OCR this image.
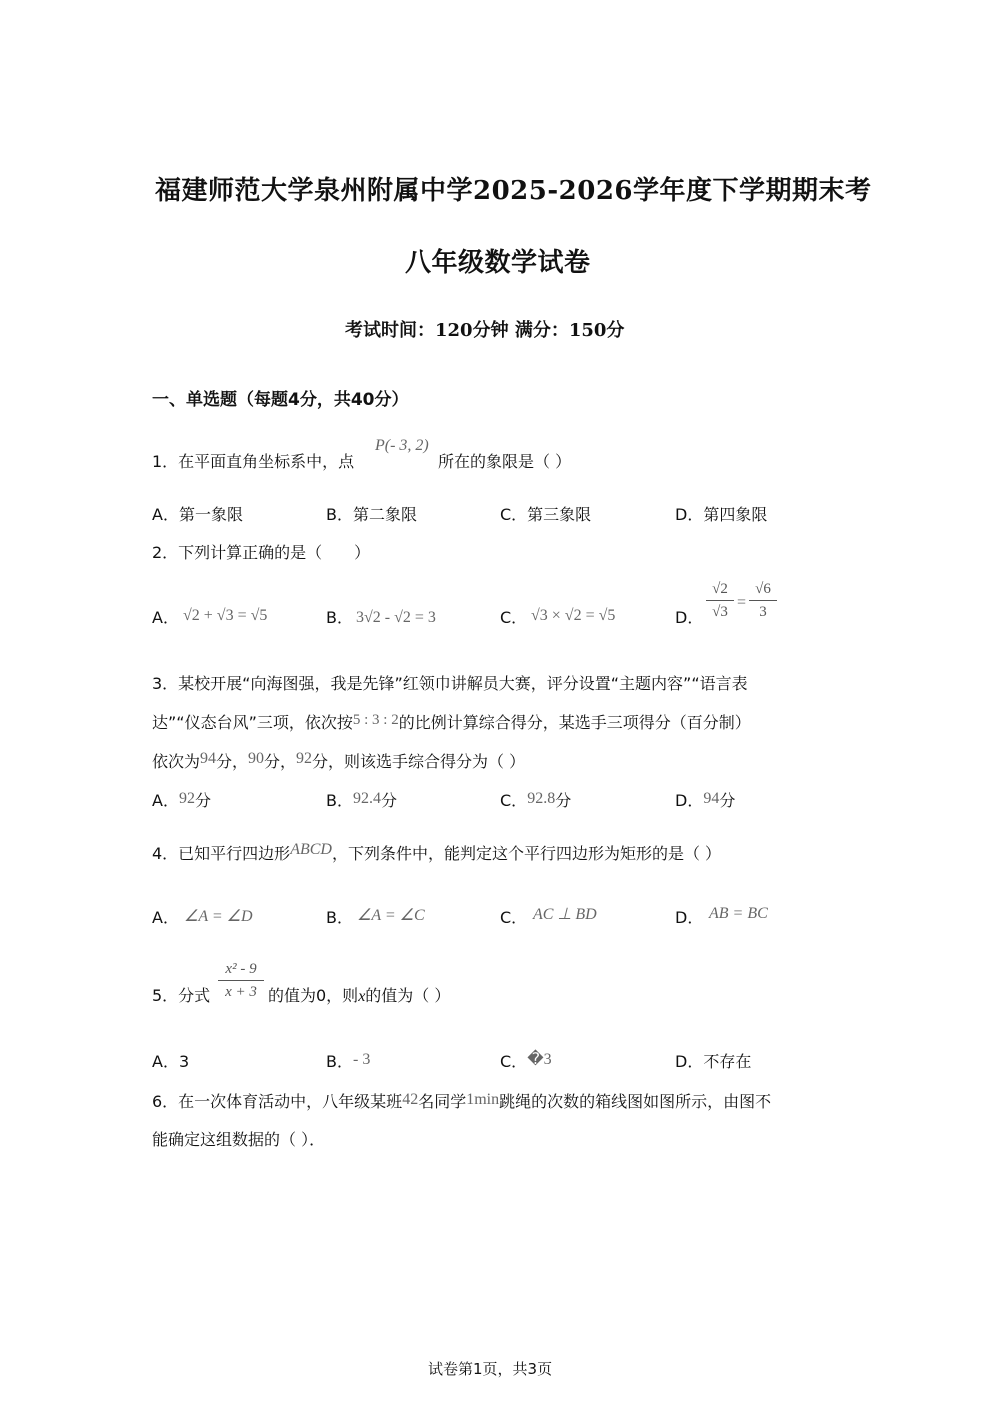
福建师范大学泉州附属中学2025-2026学年度下学期期末考
八年级数学试卷
考试时间：120分钟 满分：150分
一、单选题（每题4分，共40分）
1．在平面直角坐标系中，点
P(- 3, 2)
所在的象限是（ ）
A．第一象限	B．第二象限	C．第三象限	D．第四象限
2．下列计算正确的是（　　）
A． √2 + √3 = √5	B． 3√2 - √2 = 3	C． √3 × √2 = √5	D．
√2
√3
=
√6
3
3．某校开展“向海图强，我是先锋”红领巾讲解员大赛，评分设置“主题内容”“语言表
达”“仪态台风”三项，依次按5 : 3 : 2的比例计算综合得分，某选手三项得分（百分制）
依次为94分，90分，92分，则该选手综合得分为（ ）
A．92分	B．92.4分	C．92.8分	D．94分
4．已知平行四边形ABCD，下列条件中，能判定这个平行四边形为矩形的是（ ）
A． ∠A = ∠D	B． ∠A = ∠C	C． AC ⊥ BD	D． AB = BC
5．分式
x² - 9
x + 3 的值为0，则x的值为（ ）
A．3	B．- 3	C．�3	D．不存在
6．在一次体育活动中，八年级某班42名同学1min跳绳的次数的箱线图如图所示，由图不
能确定这组数据的（ ）．
试卷第1页，共3页
